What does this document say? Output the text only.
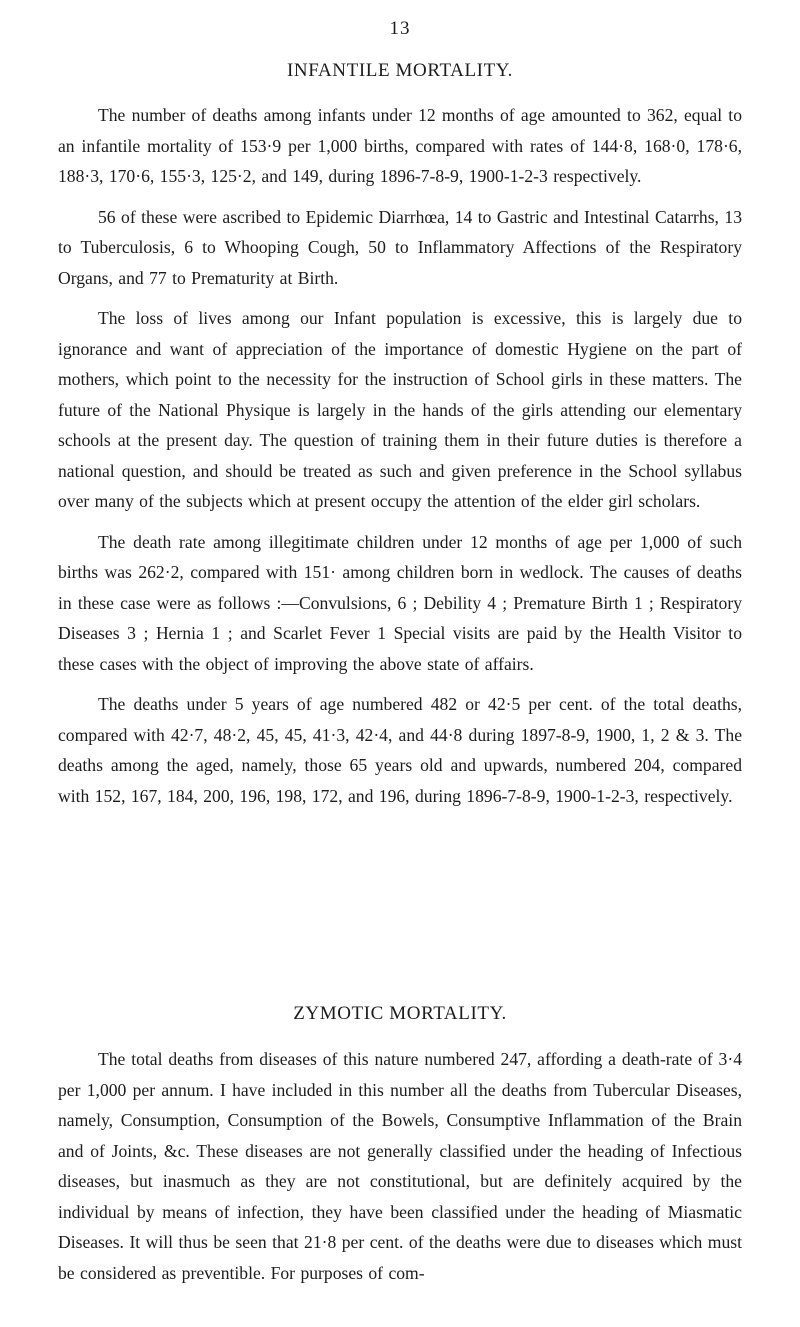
13
INFANTILE MORTALITY.

The number of deaths among infants under 12 months of age amounted to 362, equal to an infantile mortality of 153·9 per 1,000 births, compared with rates of 144·8, 168·0, 178·6, 188·3, 170·6, 155·3, 125·2, and 149, during 1896-7-8-9, 1900-1-2-3 respectively.

56 of these were ascribed to Epidemic Diarrhœa, 14 to Gastric and Intestinal Catarrhs, 13 to Tuberculosis, 6 to Whooping Cough, 50 to Inflammatory Affections of the Respiratory Organs, and 77 to Prematurity at Birth.

The loss of lives among our Infant population is excessive, this is largely due to ignorance and want of appreciation of the importance of domestic Hygiene on the part of mothers, which point to the necessity for the instruction of School girls in these matters. The future of the National Physique is largely in the hands of the girls attending our elementary schools at the present day. The question of training them in their future duties is therefore a national question, and should be treated as such and given preference in the School syllabus over many of the subjects which at present occupy the attention of the elder girl scholars.

The death rate among illegitimate children under 12 months of age per 1,000 of such births was 262·2, compared with 151· among children born in wedlock. The causes of deaths in these case were as follows :—Convulsions, 6 ; Debility 4 ; Premature Birth 1 ; Respiratory Diseases 3 ; Hernia 1 ; and Scarlet Fever 1 Special visits are paid by the Health Visitor to these cases with the object of improving the above state of affairs.

The deaths under 5 years of age numbered 482 or 42·5 per cent. of the total deaths, compared with 42·7, 48·2, 45, 45, 41·3, 42·4, and 44·8 during 1897-8-9, 1900, 1, 2 & 3. The deaths among the aged, namely, those 65 years old and upwards, numbered 204, compared with 152, 167, 184, 200, 196, 198, 172, and 196, during 1896-7-8-9, 1900-1-2-3, respectively.

ZYMOTIC MORTALITY.

The total deaths from diseases of this nature numbered 247, affording a death-rate of 3·4 per 1,000 per annum. I have included in this number all the deaths from Tubercular Diseases, namely, Consumption, Consumption of the Bowels, Consumptive Inflammation of the Brain and of Joints, &c. These diseases are not generally classified under the heading of Infectious diseases, but inasmuch as they are not constitutional, but are definitely acquired by the individual by means of infection, they have been classified under the heading of Miasmatic Diseases. It will thus be seen that 21·8 per cent. of the deaths were due to diseases which must be considered as preventible. For purposes of com-
